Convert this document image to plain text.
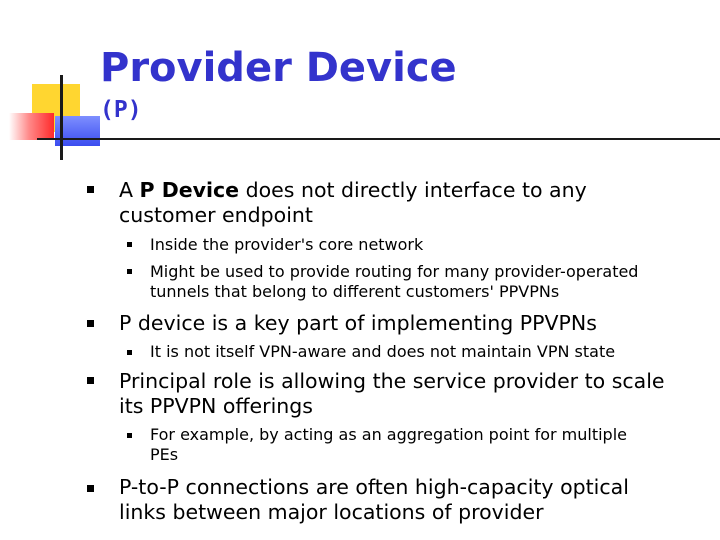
Provider Device
(P)
A P Device does not directly interface to any
customer endpoint
Inside the provider's core network
Might be used to provide routing for many provider-operated
tunnels that belong to different customers' PPVPNs
P device is a key part of implementing PPVPNs
It is not itself VPN-aware and does not maintain VPN state
Principal role is allowing the service provider to scale
its PPVPN offerings
For example, by acting as an aggregation point for multiple
PEs
P-to-P connections are often high-capacity optical
links between major locations of provider
